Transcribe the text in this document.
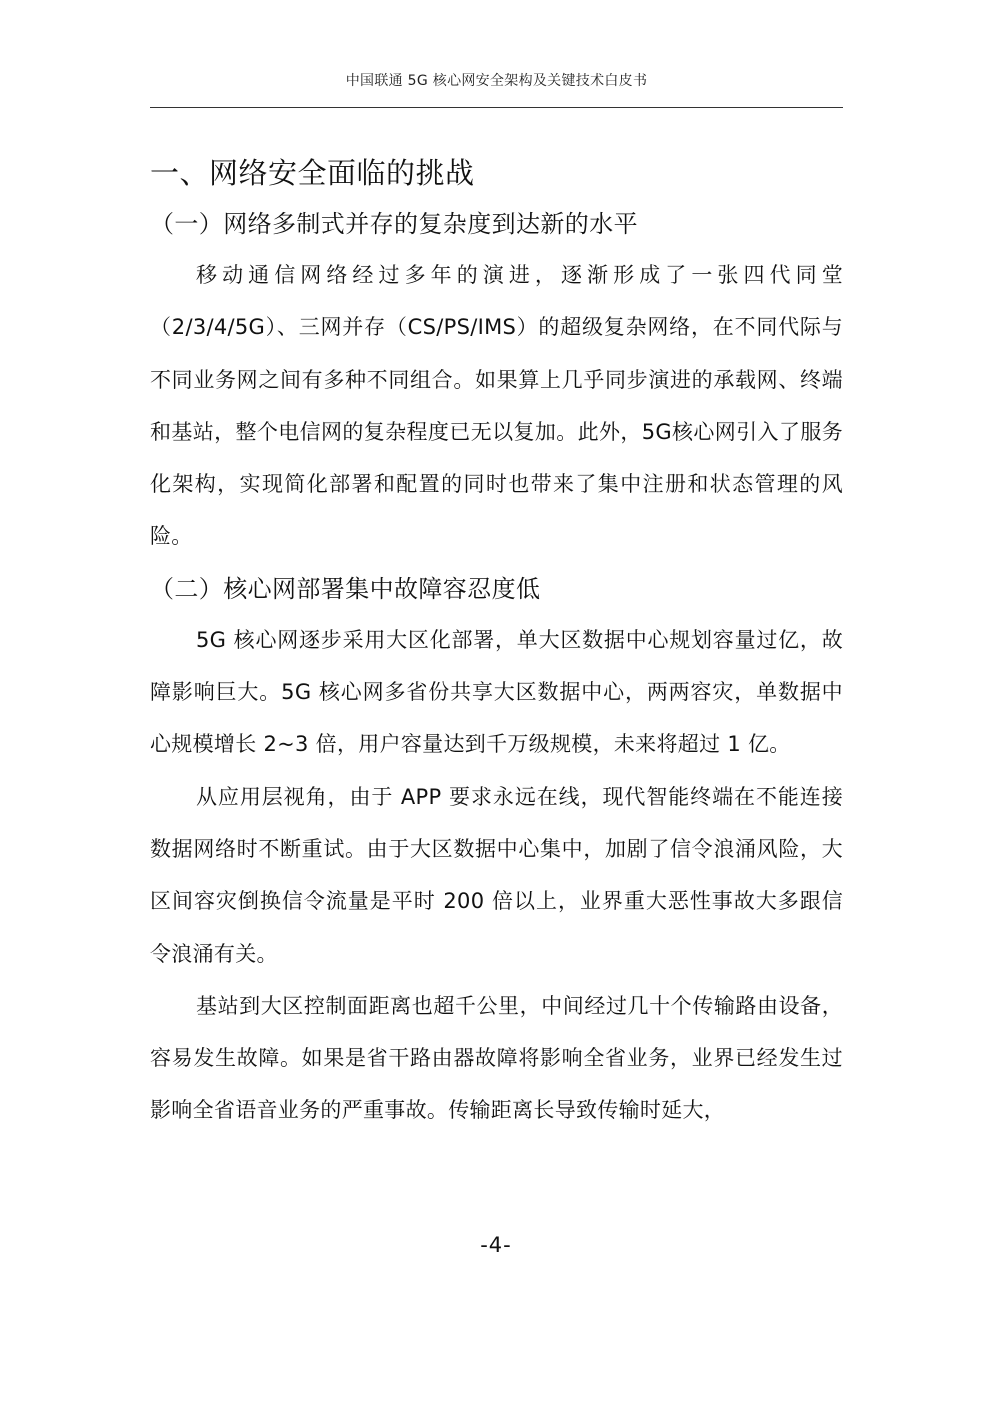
中国联通 5G 核心网安全架构及关键技术白皮书
一、网络安全面临的挑战
（一）网络多制式并存的复杂度到达新的水平

移动通信网络经过多年的演进，逐渐形成了一张四代同堂（2/3/4/5G）、三网并存（CS/PS/IMS）的超级复杂网络，在不同代际与不同业务网之间有多种不同组合。如果算上几乎同步演进的承载网、终端和基站，整个电信网的复杂程度已无以复加。此外，5G核心网引入了服务化架构，实现简化部署和配置的同时也带来了集中注册和状态管理的风险。

（二）核心网部署集中故障容忍度低

5G 核心网逐步采用大区化部署，单大区数据中心规划容量过亿，故障影响巨大。5G 核心网多省份共享大区数据中心，两两容灾，单数据中心规模增长 2~3 倍，用户容量达到千万级规模，未来将超过 1 亿。

从应用层视角，由于 APP 要求永远在线，现代智能终端在不能连接数据网络时不断重试。由于大区数据中心集中，加剧了信令浪涌风险，大区间容灾倒换信令流量是平时 200 倍以上，业界重大恶性事故大多跟信令浪涌有关。

基站到大区控制面距离也超千公里，中间经过几十个传输路由设备，容易发生故障。如果是省干路由器故障将影响全省业务，业界已经发生过影响全省语音业务的严重事故。传输距离长导致传输时延大，

-4-
